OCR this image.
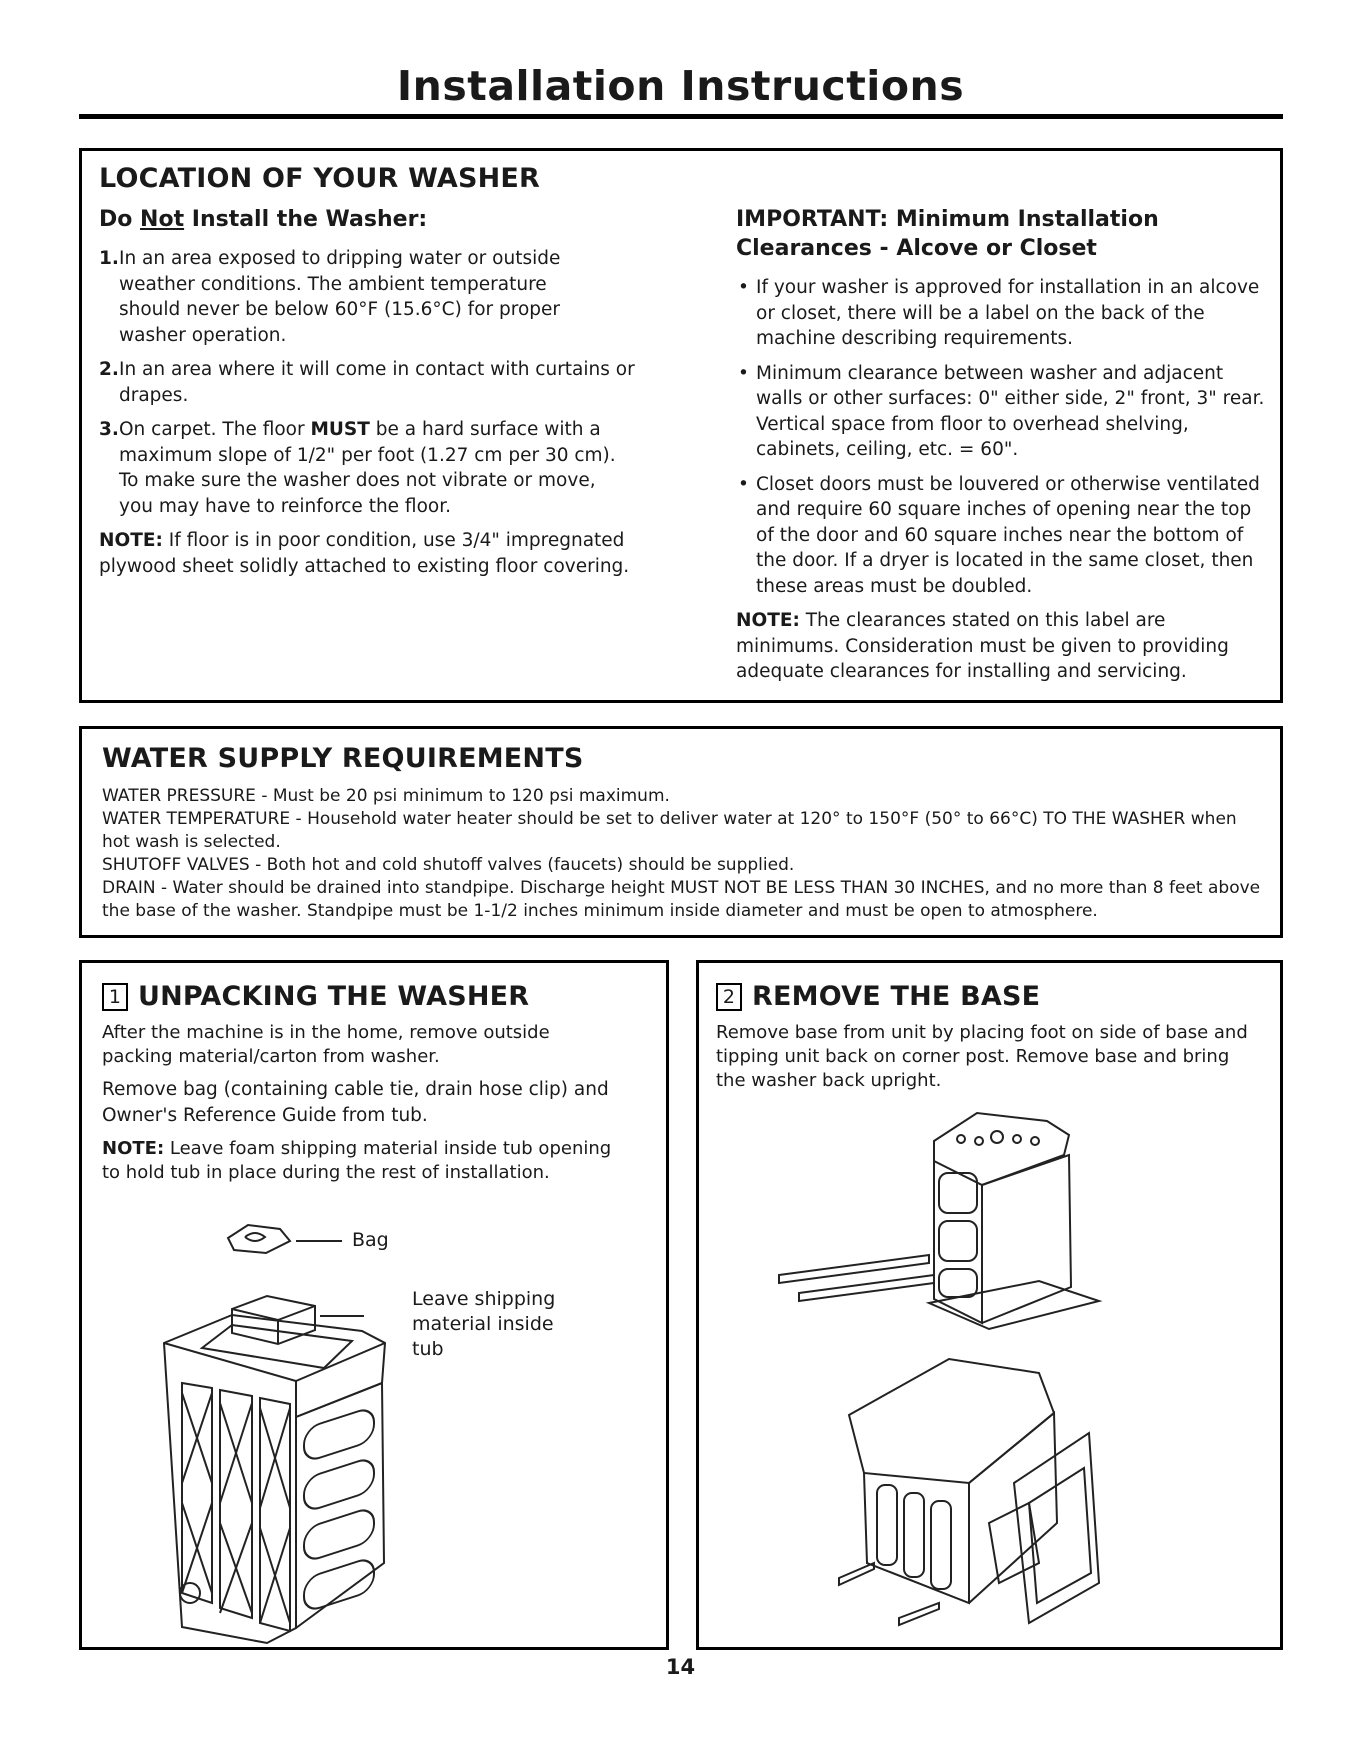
Installation Instructions
LOCATION OF YOUR WASHER
Do Not Install the Washer:
1. In an area exposed to dripping water or outside weather conditions. The ambient temperature should never be below 60°F (15.6°C) for proper washer operation.
2. In an area where it will come in contact with curtains or drapes.
3. On carpet. The floor MUST be a hard surface with a maximum slope of 1/2" per foot (1.27 cm per 30 cm). To make sure the washer does not vibrate or move, you may have to reinforce the floor.

NOTE: If floor is in poor condition, use 3/4" impregnated plywood sheet solidly attached to existing floor covering.

IMPORTANT: Minimum Installation Clearances - Alcove or Closet
• If your washer is approved for installation in an alcove or closet, there will be a label on the back of the machine describing requirements.
• Minimum clearance between washer and adjacent walls or other surfaces: 0" either side, 2" front, 3" rear. Vertical space from floor to overhead shelving, cabinets, ceiling, etc. = 60".
• Closet doors must be louvered or otherwise ventilated and require 60 square inches of opening near the top of the door and 60 square inches near the bottom of the door. If a dryer is located in the same closet, then these areas must be doubled.

NOTE: The clearances stated on this label are minimums. Consideration must be given to providing adequate clearances for installing and servicing.

WATER SUPPLY REQUIREMENTS

WATER PRESSURE - Must be 20 psi minimum to 120 psi maximum.

WATER TEMPERATURE - Household water heater should be set to deliver water at 120° to 150°F (50° to 66°C) TO THE WASHER when hot wash is selected.

SHUTOFF VALVES - Both hot and cold shutoff valves (faucets) should be supplied.

DRAIN - Water should be drained into standpipe. Discharge height MUST NOT BE LESS THAN 30 INCHES, and no more than 8 feet above the base of the washer. Standpipe must be 1-1/2 inches minimum inside diameter and must be open to atmosphere.

1 UNPACKING THE WASHER

After the machine is in the home, remove outside packing material/carton from washer.

Remove bag (containing cable tie, drain hose clip) and Owner's Reference Guide from tub.

NOTE: Leave foam shipping material inside tub opening to hold tub in place during the rest of installation.

Bag
Leave shipping material inside tub
2 REMOVE THE BASE

Remove base from unit by placing foot on side of base and tipping unit back on corner post. Remove base and bring the washer back upright.

14
